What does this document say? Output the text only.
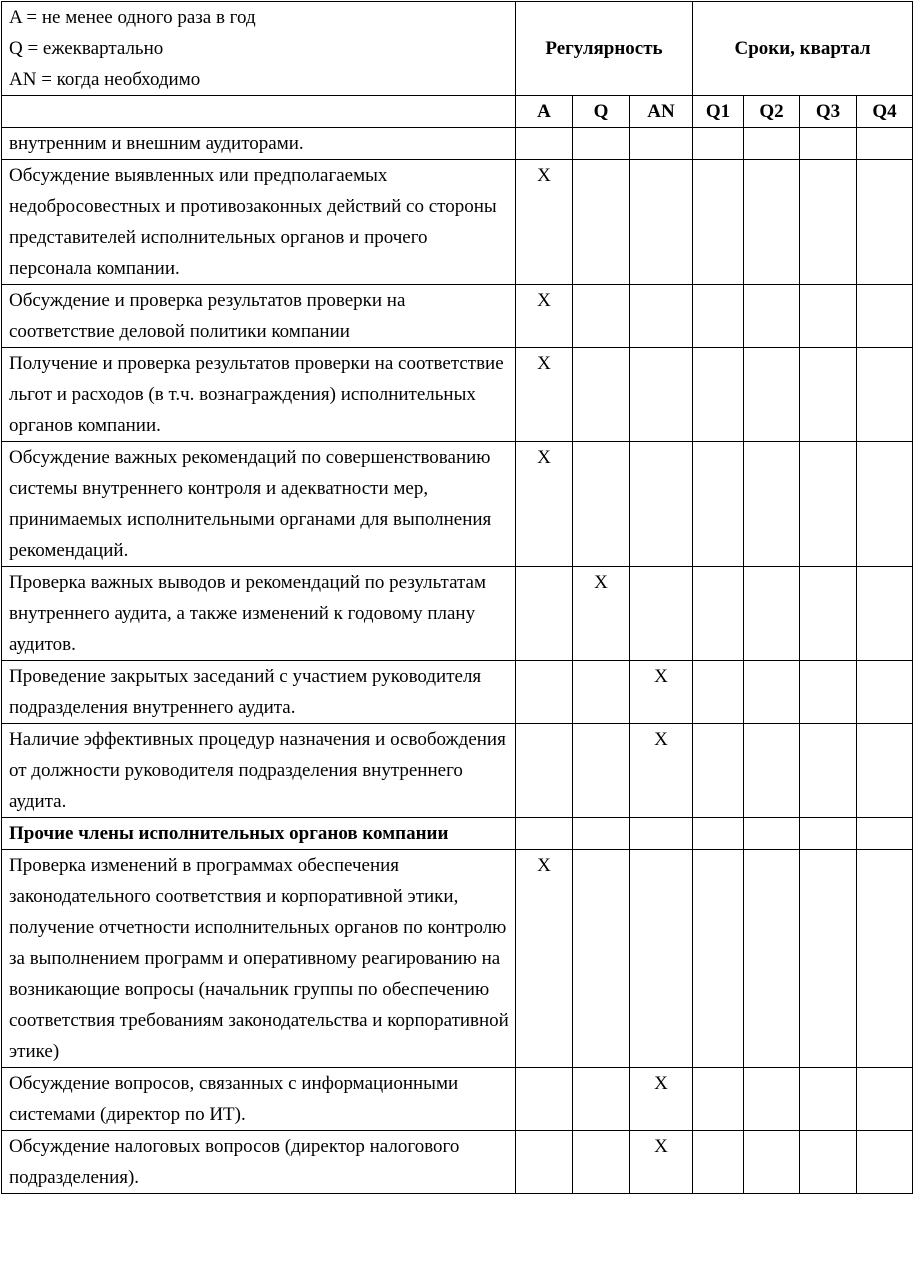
A = не менее одного раза в год
Q = ежеквартально
AN = когда необходимо	Регулярность			Сроки, квартал			
	A	Q	AN	Q1	Q2	Q3	Q4
внутренним и внешним аудиторами.							
Обсуждение выявленных или предполагаемых недобросовестных и противозаконных действий со стороны представителей исполнительных органов и прочего персонала компании.	X						
Обсуждение и проверка результатов проверки на соответствие деловой политики компании	X						
Получение и проверка результатов проверки на соответствие льгот и расходов (в т.ч. вознаграждения) исполнительных органов компании.	X						
Обсуждение важных рекомендаций по совершенствованию системы внутреннего контроля и адекватности мер, принимаемых исполнительными органами для выполнения рекомендаций.	X						
Проверка важных выводов и рекомендаций по результатам внутреннего аудита, а также изменений к годовому плану аудитов.		X					
Проведение закрытых заседаний с участием руководителя подразделения внутреннего аудита.			X				
Наличие эффективных процедур назначения и освобождения от должности руководителя подразделения внутреннего аудита.			X				
Прочие члены исполнительных органов компании							
Проверка изменений в программах обеспечения законодательного соответствия и корпоративной этики, получение отчетности исполнительных органов по контролю за выполнением программ и оперативному реагированию на возникающие вопросы (начальник группы по обеспечению соответствия требованиям законодательства и корпоративной этике)	X						
Обсуждение вопросов, связанных с информационными системами (директор по ИТ).			X				
Обсуждение налоговых вопросов (директор налогового подразделения).			X				
